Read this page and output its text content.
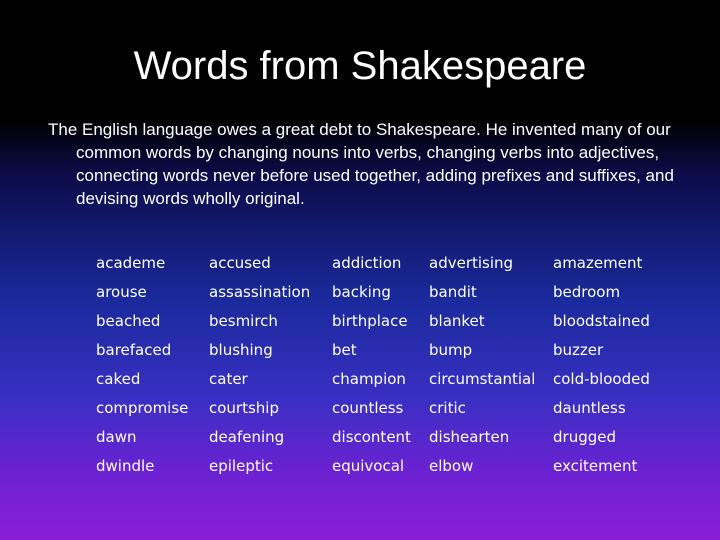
Words from Shakespeare
The English language owes a great debt to Shakespeare. He invented many of our common words by changing nouns into verbs, changing verbs into adjectives, connecting words never before used together, adding prefixes and suffixes, and devising words wholly original.
academe	accused	addiction	advertising	amazement
arouse	assassination	backing	bandit	bedroom
beached	besmirch	birthplace	blanket	bloodstained
barefaced	blushing	bet	bump	buzzer
caked	cater	champion	circumstantial	cold-blooded
compromise	courtship	countless	critic	dauntless
dawn	deafening	discontent	dishearten	drugged
dwindle	epileptic	equivocal	elbow	excitement
